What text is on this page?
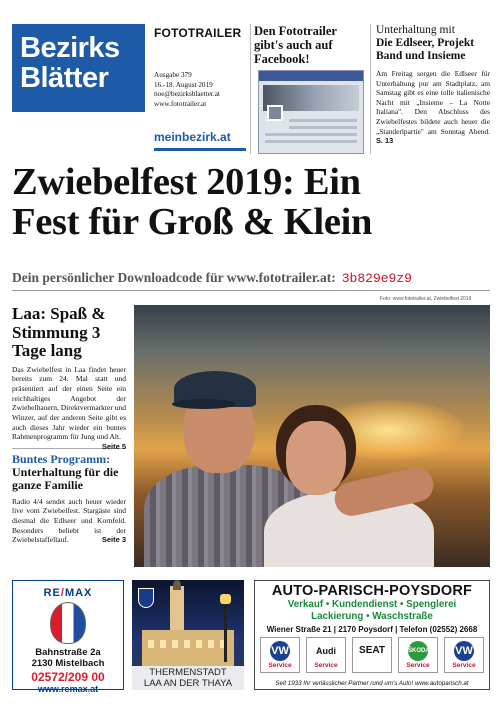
Bezirks
Blätter
FOTOTRAILER
Ausgabe 379
16.-18. August 2019
noe@bezirksblaetter.at
www.fototrailer.at
meinbezirk.at
Den Fototrailer
gibt's auch auf
Facebook!
Unterhaltung mit
Die Edlseer, Projekt Band und Insieme

Am Freitag sorgen die Edlseer für Unterhaltung pur am Stadtplatz, am Samstag gibt es eine tolle italienische Nacht mit „Insieme – La Notte Italiana". Den Abschluss des Zwiebelfestes bildete auch heuer die „Standerlpartie" am Sonntag Abend. S. 13

Zwiebelfest 2019: Ein
Fest für Groß & Klein
Dein persönlicher Downloadcode für www.fototrailer.at: 3b829e9z9
Foto: www.fototrailer.at, Zwiebelfest 2019
Laa: Spaß & Stimmung 3 Tage lang
Das Zwiebelfest in Laa findet heuer bereits zum 24. Mal statt und präsentiert auf der einen Seite ein reichhaltiges Angebot der Zwiebelbauern, Direktvermarkter und Winzer, auf der anderen Seite gibt es auch dieses Jahr wieder ein buntes Rahmenprogramm für Jung und Alt.
Seite 5
Buntes Programm:
Unterhaltung für die ganze Familie
Radio 4/4 sendet auch heuer wieder live vom Zwiebelfest. Stargäste sind diesmal die Edlseer und Kornfeld. Besonders beliebt ist der Zwiebelstaffellauf.	Seite 3
RE/MAX
Bahnstraße 2a
2130 Mistelbach
02572/209 00
www.remax.at
THERMENSTADT
LAA AN DER THAYA
AUTO-PARISCH-POYSDORF
Verkauf • Kundendienst • Spenglerei
Lackierung • Waschstraße
Wiener Straße 21 | 2170 Poysdorf | Telefon (02552) 2668
VW
Service
Audi
Service
SEAT	ŠKODA
Service
VW
Service
Seit 1933 Ihr verlässlicher Partner rund um's Auto! www.autoparisch.at
